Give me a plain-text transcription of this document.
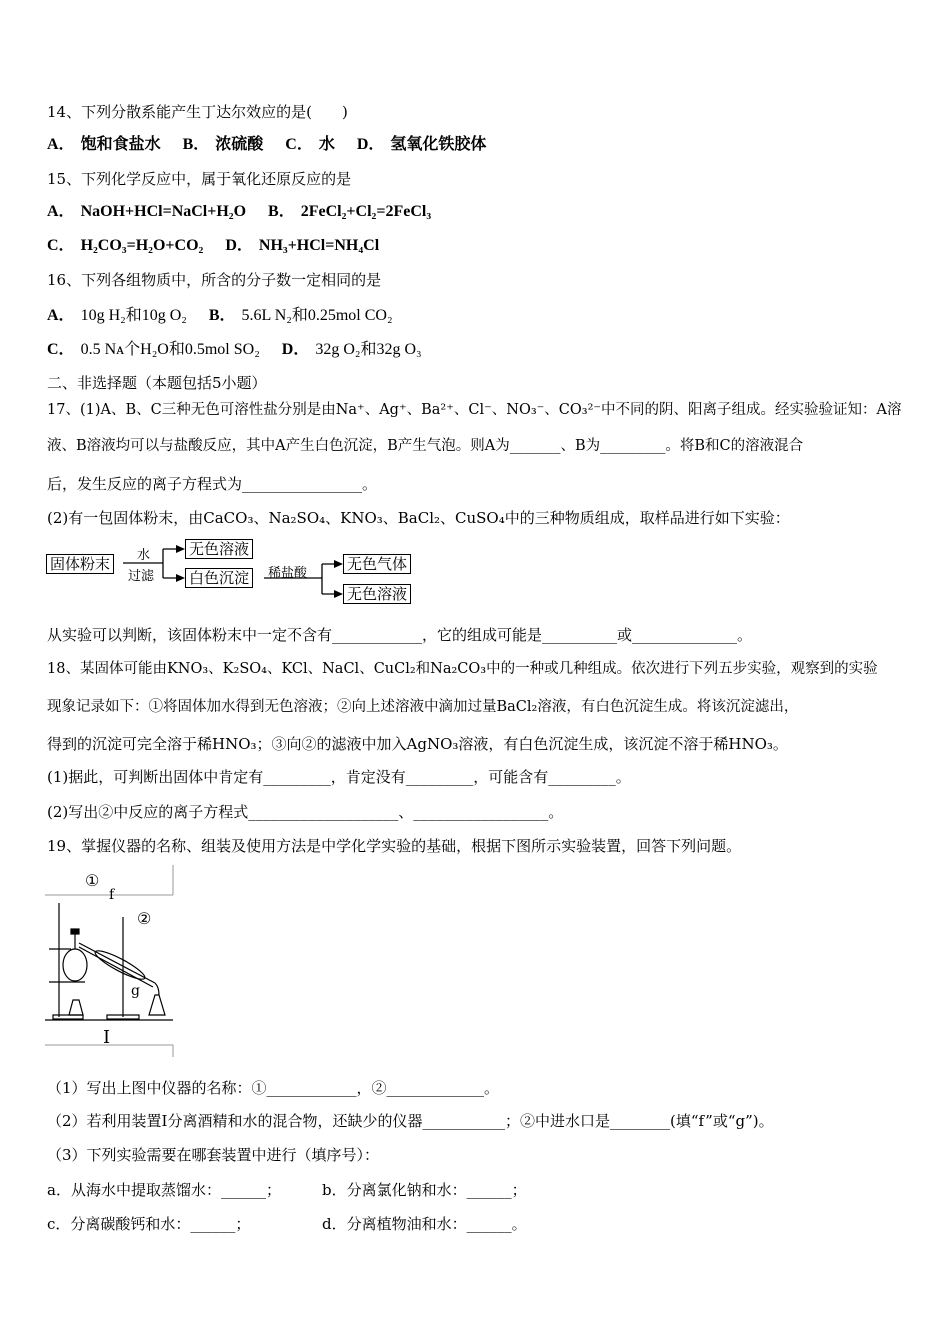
14、下列分散系能产生丁达尔效应的是(　　)
A． 饱和食盐水 B． 浓硫酸 C． 水 D． 氢氧化铁胶体
15、下列化学反应中，属于氧化还原反应的是
A． NaOH+HCl=NaCl+H₂O B． 2FeCl₂+Cl₂=2FeCl₃
C． H₂CO₃=H₂O+CO₂ D． NH₃+HCl=NH₄Cl
16、下列各组物质中，所含的分子数一定相同的是
A． 10g H₂和10g O₂ B． 5.6L N₂和0.25mol CO₂
C． 0.5 Nᴀ个H₂O和0.5mol SO₂ D． 32g O₂和32g O₃
二、非选择题（本题包括5小题）
17、(1)A、B、C三种无色可溶性盐分别是由Na⁺、Ag⁺、Ba²⁺、Cl⁻、NO₃⁻、CO₃²⁻中不同的阴、阳离子组成。经实验验证知：A溶
液、B溶液均可以与盐酸反应，其中A产生白色沉淀，B产生气泡。则A为_______、B为_________。将B和C的溶液混合
后，发生反应的离子方程式为________________。
(2)有一包固体粉末，由CaCO₃、Na₂SO₄、KNO₃、BaCl₂、CuSO₄中的三种物质组成，取样品进行如下实验：
固体粉末	水
过滤
无色溶液
白色沉淀	稀盐酸
无色气体
无色溶液
从实验可以判断，该固体粉末中一定不含有____________，它的组成可能是__________或______________。
18、某固体可能由KNO₃、K₂SO₄、KCl、NaCl、CuCl₂和Na₂CO₃中的一种或几种组成。依次进行下列五步实验，观察到的实验
现象记录如下：①将固体加水得到无色溶液；②向上述溶液中滴加过量BaCl₂溶液，有白色沉淀生成。将该沉淀滤出，
得到的沉淀可完全溶于稀HNO₃；③向②的滤液中加入AgNO₃溶液，有白色沉淀生成，该沉淀不溶于稀HNO₃。
(1)据此，可判断出固体中肯定有_________，肯定没有_________，可能含有_________。
(2)写出②中反应的离子方程式____________________、__________________。
19、掌握仪器的名称、组装及使用方法是中学化学实验的基础，根据下图所示实验装置，回答下列问题。
①
f
②
g
I
（1）写出上图中仪器的名称：①____________，②_____________。
（2）若利用装置I分离酒精和水的混合物，还缺少的仪器___________；②中进水口是________(填“f”或“g”)。
（3）下列实验需要在哪套装置中进行（填序号）：
a．从海水中提取蒸馏水：______；	b．分离氯化钠和水：______；
c．分离碳酸钙和水：______；	d．分离植物油和水：______。
